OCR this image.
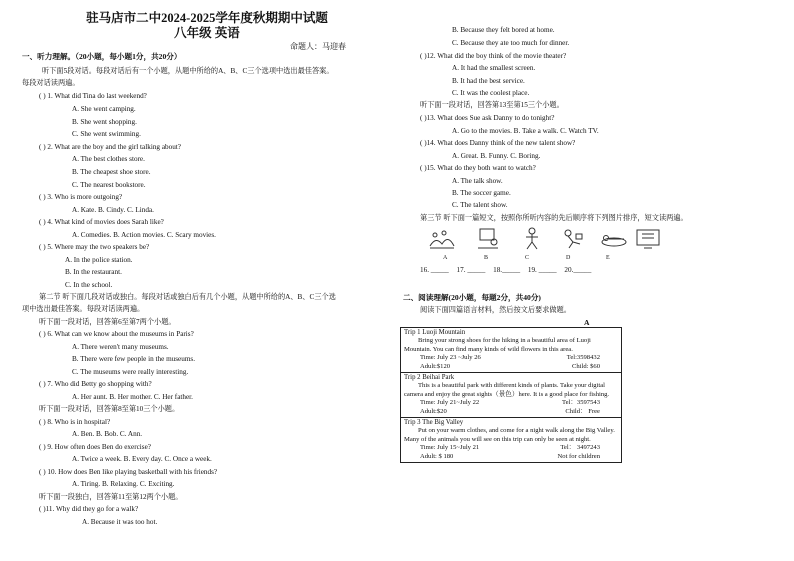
驻马店市二中2024-2025学年度秋期期中试题
八年级 英语
命题人：马迎春
一、听力理解。（20小题，每小题1分，共20分）
听下面5段对话。每段对话后有一个小题，从题中所给的A、B、C三个选项中选出最佳答案。
每段对话读两遍。
( ) 1. What did Tina do last weekend?
A. She went camping.
B. She went shopping.
C. She went swimming.
( ) 2. What are the boy and the girl talking about?
A. The best clothes store.
B. The cheapest shoe store.
C. The nearest bookstore.
( ) 3. Who is more outgoing?
A. Kate. B. Cindy. C. Linda.
( ) 4. What kind of movies does Sarah like?
A. Comedies. B. Action movies. C. Scary movies.
( ) 5. Where may the two speakers be?
A. In the police station.
B. In the restaurant.
C. In the school.
第二节 听下面几段对话或独白。每段对话或独白后有几个小题，从题中所给的A、B、C三个选
项中选出最佳答案。每段对话读两遍。
听下面一段对话，回答第6至第7两个小题。
( ) 6. What can we know about the museums in Paris?
A. There weren't many museums.
B. There were few people in the museums.
C. The museums were really interesting.
( ) 7. Who did Betty go shopping with?
A. Her aunt. B. Her mother. C. Her father.
听下面一段对话，回答第8至第10三个小题。
( ) 8. Who is in hospital?
A. Ben. B. Bob. C. Ann.
( ) 9. How often does Ben do exercise?
A. Twice a week. B. Every day. C. Once a week.
( ) 10. How does Ben like playing basketball with his friends?
A. Tiring. B. Relaxing. C. Exciting.
听下面一段独白，回答第11至第12两个小题。
( )11. Why did they go for a walk?
A. Because it was too hot.
B. Because they felt bored at home.
C. Because they ate too much for dinner.
( )12. What did the boy think of the movie theater?
A. It had the smallest screen.
B. It had the best service.
C. It was the coolest place.
听下面一段对话，回答第13至第15三个小题。
( )13. What does Sue ask Danny to do tonight?
A. Go to the movies. B. Take a walk. C. Watch TV.
( )14. What does Danny think of the new talent show?
A. Great. B. Funny. C. Boring.
( )15. What do they both want to watch?
A. The talk show.
B. The soccer game.
C. The talent show.
第三节 听下面一篇短文，按照你所听内容的先后顺序将下列图片排序，短文读两遍。
二、阅读理解(20小题，每题2分，共40分)
阅读下面四篇语言材料，然后按文后要求做题。
A
A	B	C	D	E
16. _____ 17. _____ 18._____ 19. _____ 20._____
Trip 1 Luoji Mountain
Bring your strong shoes for the hiking in a beautiful area of Luoji Mountain. You can find many kinds of wild flowers in this area.
Time: July 23 ~July 26	Tel:3598432
Adult:$120	Child: $60

Trip 2 Beihai Park
This is a beautiful park with different kinds of plants. Take your digital camera and enjoy the great sights（景色）here. It is a good place for fishing.
Time: July 21~July 22	Tel：3597543
Adult:$20	Child： Free

Trip 3 The Big Valley
Put on your warm clothes, and come for a night walk along the Big Valley. Many of the animals you will see on this trip can only be seen at night.
Time: July 15~July 21	Tel： 3497243
Adult: $ 180	Not for children
